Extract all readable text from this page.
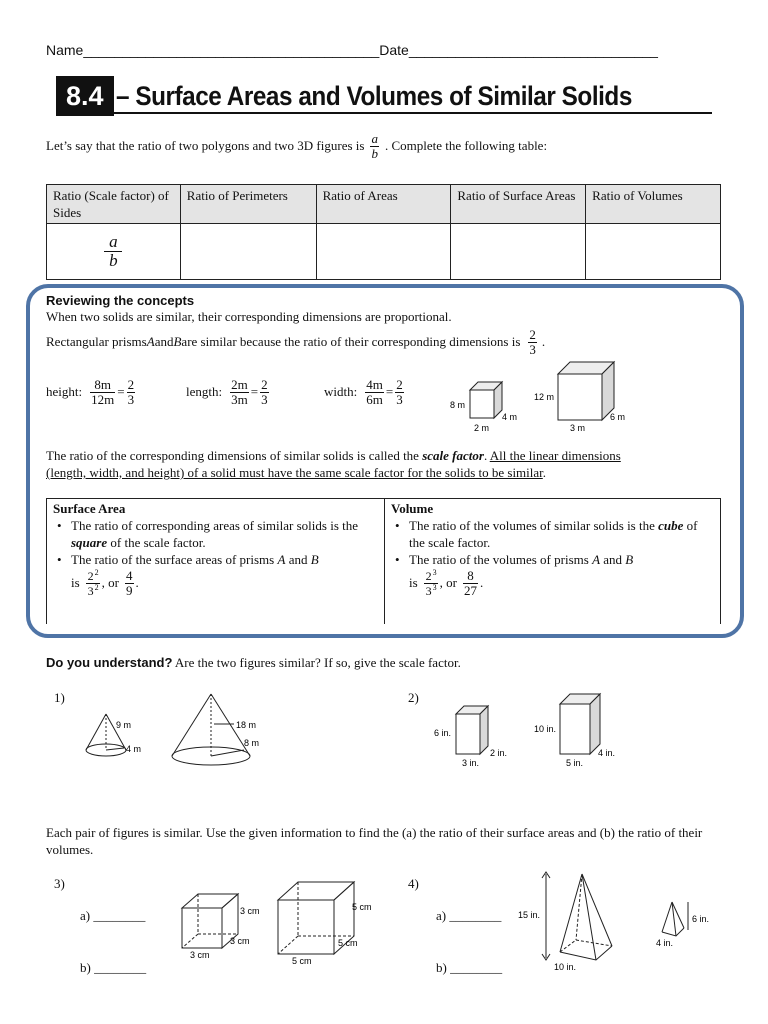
Name______________________________________Date________________________________
8.4 – Surface Areas and Volumes of Similar Solids
Let’s say that the ratio of two polygons and two 3D figures is $\frac{a}{b}$ . Complete the following table:
Ratio (Scale factor) of Sides	Ratio of Perimeters	Ratio of Areas	Ratio of Surface Areas	Ratio of Volumes

$\frac{a}{b}$

Reviewing the concepts
When two solids are similar, their corresponding dimensions are proportional.
Rectangular prisms A and B are similar because the ratio of their corresponding dimensions is $\frac{2}{3}$ .
height: $\frac{8m}{12m} = \frac{2}{3}$	length: $\frac{2m}{3m} = \frac{2}{3}$	width: $\frac{4m}{6m} = \frac{2}{3}$	8 m
4 m
2 m
12 m
6 m
3 m
The ratio of the corresponding dimensions of similar solids is called the scale factor. All the linear dimensions
(length, width, and height) of a solid must have the same scale factor for the solids to be similar.
Surface Area
• The ratio of corresponding areas of similar solids is the square of the scale factor.
• The ratio of the surface areas of prisms A and B
is $\frac{2^2}{3^2}$ , or $\frac{4}{9}$ .
Volume
• The ratio of the volumes of similar solids is the cube of the scale factor.
• The ratio of the volumes of prisms A and B
is $\frac{2^3}{3^3}$ , or $\frac{8}{27}$ .
Do you understand? Are the two figures similar? If so, give the scale factor.
1)	2)
9 m
4 m
18 m
8 m
6 in.
2 in.
3 in.
10 in.
4 in.
5 in.
Each pair of figures is similar. Use the given information to find the (a) the ratio of their surface areas and (b) the ratio of their volumes.
3)	4)
a) ________
b) ________
a) ________
b) ________
3 cm
3 cm
3 cm
5 cm
5 cm
5 cm
15 in.
10 in.
6 in.
4 in.
